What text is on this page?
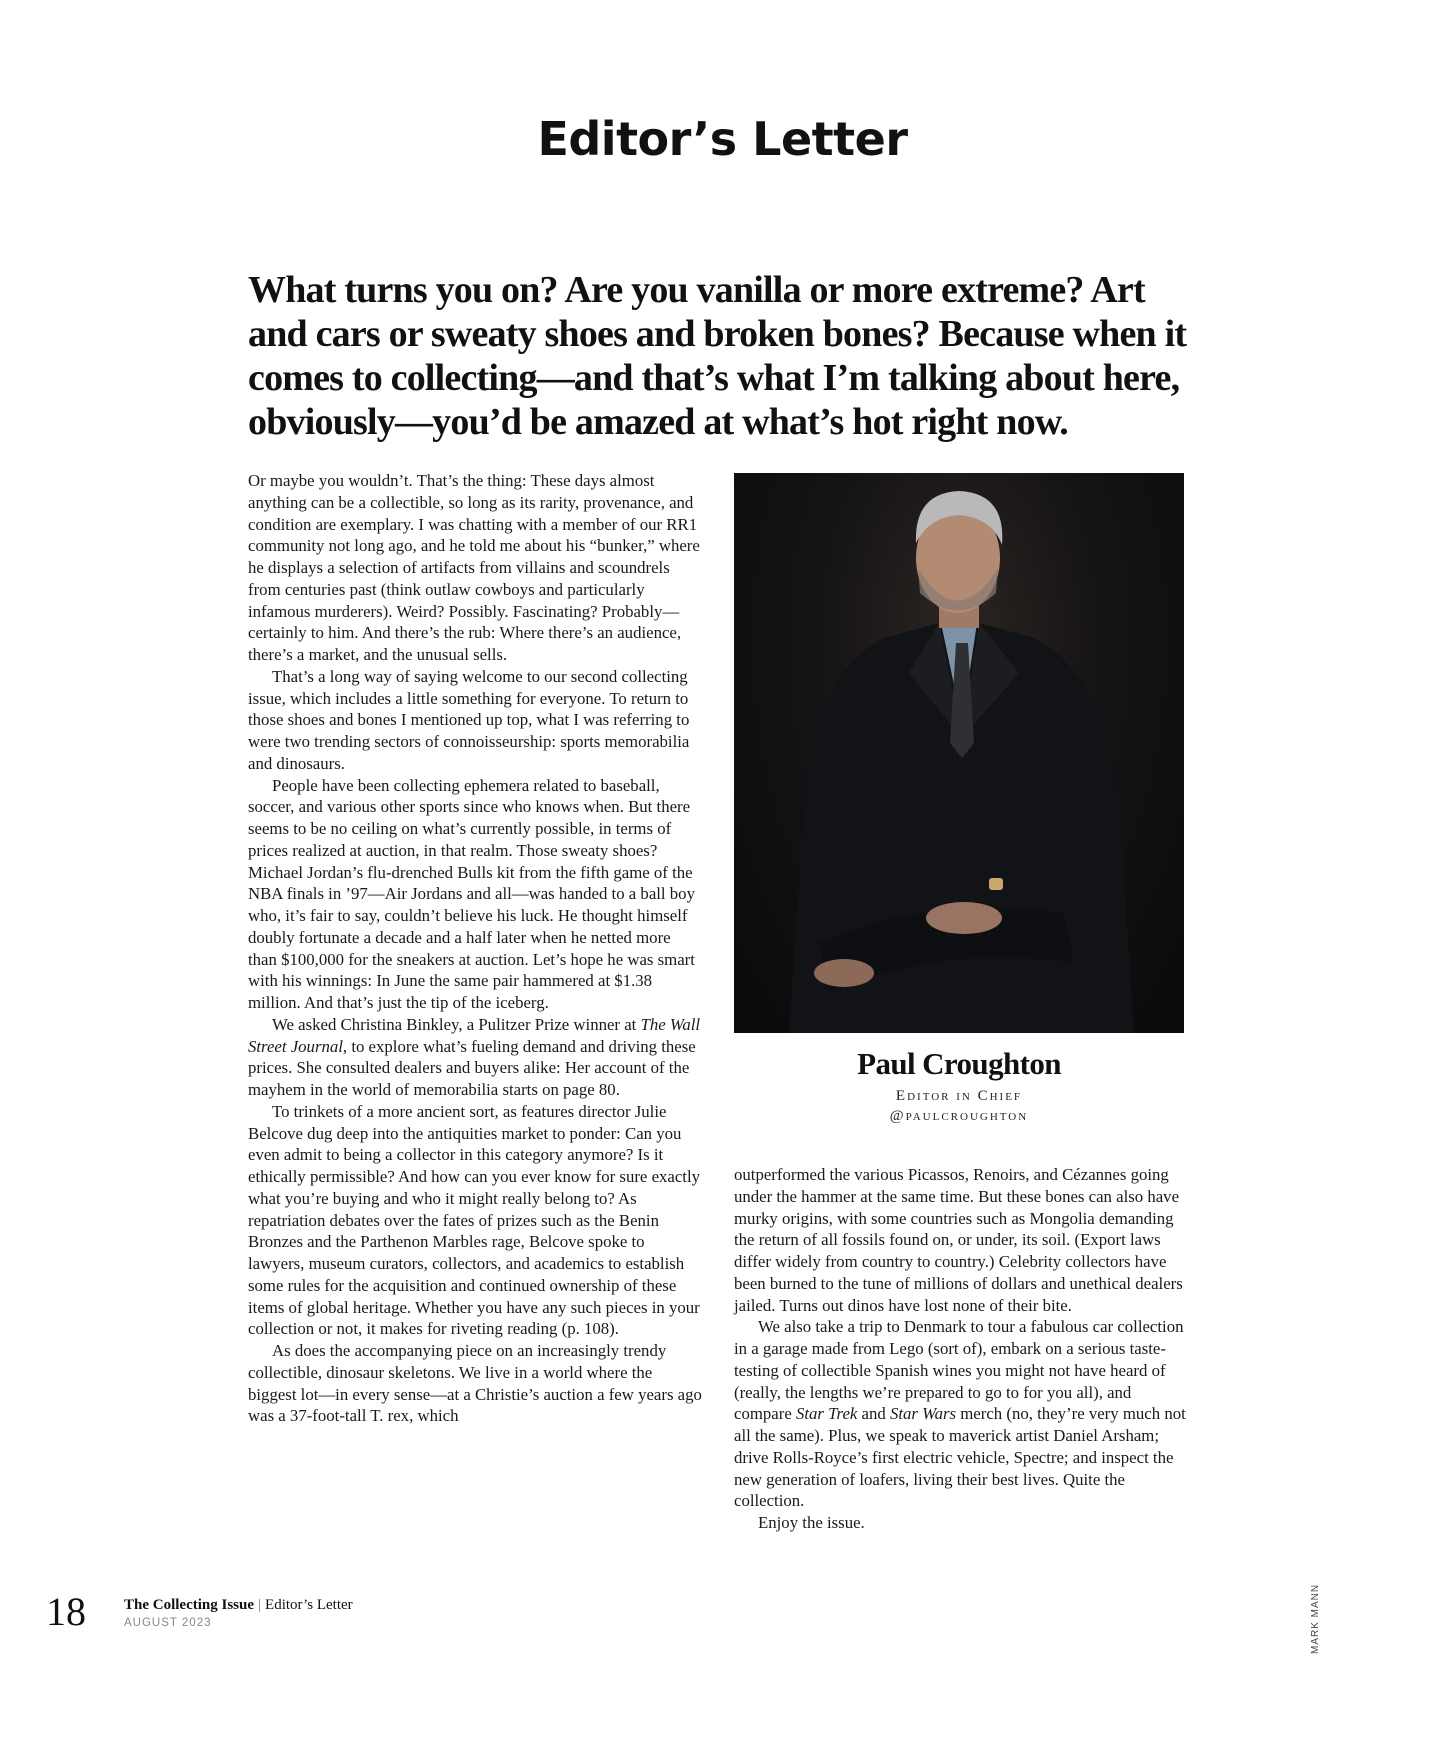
Editor’s Letter
What turns you on? Are you vanilla or more extreme? Art and cars or sweaty shoes and broken bones? Because when it comes to collecting—and that’s what I’m talking about here, obviously—you’d be amazed at what’s hot right now.

Or maybe you wouldn’t. That’s the thing: These days almost anything can be a collectible, so long as its rarity, provenance, and condition are exemplary. I was chatting with a member of our RR1 community not long ago, and he told me about his “bunker,” where he displays a selection of artifacts from villains and scoundrels from centuries past (think outlaw cowboys and particularly infamous murderers). Weird? Possibly. Fascinating? Probably—certainly to him. And there’s the rub: Where there’s an audience, there’s a market, and the unusual sells.

That’s a long way of saying welcome to our second collecting issue, which includes a little something for everyone. To return to those shoes and bones I mentioned up top, what I was referring to were two trending sectors of connoisseurship: sports memorabilia and dinosaurs.

People have been collecting ephemera related to baseball, soccer, and various other sports since who knows when. But there seems to be no ceiling on what’s currently possible, in terms of prices realized at auction, in that realm. Those sweaty shoes? Michael Jordan’s flu-drenched Bulls kit from the fifth game of the NBA finals in ’97—Air Jordans and all—was handed to a ball boy who, it’s fair to say, couldn’t believe his luck. He thought himself doubly fortunate a decade and a half later when he netted more than $100,000 for the sneakers at auction. Let’s hope he was smart with his winnings: In June the same pair hammered at $1.38 million. And that’s just the tip of the iceberg.

We asked Christina Binkley, a Pulitzer Prize winner at The Wall Street Journal, to explore what’s fueling demand and driving these prices. She consulted dealers and buyers alike: Her account of the mayhem in the world of memorabilia starts on page 80.

To trinkets of a more ancient sort, as features director Julie Belcove dug deep into the antiquities market to ponder: Can you even admit to being a collector in this category anymore? Is it ethically permissible? And how can you ever know for sure exactly what you’re buying and who it might really belong to? As repatriation debates over the fates of prizes such as the Benin Bronzes and the Parthenon Marbles rage, Belcove spoke to lawyers, museum curators, collectors, and academics to establish some rules for the acquisition and continued ownership of these items of global heritage. Whether you have any such pieces in your collection or not, it makes for riveting reading (p. 108).

As does the accompanying piece on an increasingly trendy collectible, dinosaur skeletons. We live in a world where the biggest lot—in every sense—at a Christie’s auction a few years ago was a 37-foot-tall T. rex, which

Paul Croughton
Editor in Chief
@paulcroughton

outperformed the various Picassos, Renoirs, and Cézannes going under the hammer at the same time. But these bones can also have murky origins, with some countries such as Mongolia demanding the return of all fossils found on, or under, its soil. (Export laws differ widely from country to country.) Celebrity collectors have been burned to the tune of millions of dollars and unethical dealers jailed. Turns out dinos have lost none of their bite.

We also take a trip to Denmark to tour a fabulous car collection in a garage made from Lego (sort of), embark on a serious taste-testing of collectible Spanish wines you might not have heard of (really, the lengths we’re prepared to go to for you all), and compare Star Trek and Star Wars merch (no, they’re very much not all the same). Plus, we speak to maverick artist Daniel Arsham; drive Rolls-Royce’s first electric vehicle, Spectre; and inspect the new generation of loafers, living their best lives. Quite the collection.

Enjoy the issue.

MARK MANN
18	The Collecting Issue | Editor’s Letter
AUGUST 2023
